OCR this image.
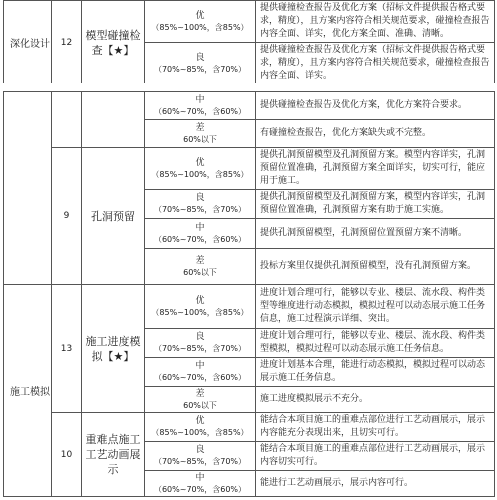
深化设计	12	模型碰撞检查【★】	优
（85%~100%，含85%）	提供碰撞检查报告及优化方案（招标文件提供报告格式要求，精度），且方案内容符合相关规范要求，碰撞检查报告内容全面、详实，优化方案全面、准确、清晰。

			良
（70%~85%，含70%）	提供碰撞检查报告及优化方案（招标文件提供报告格式要求，精度），且方案内容符合相关规范要求，碰撞检查报告内容全面、详实。

			中
（60%~70%，含60%）	提供碰撞检查报告及优化方案，优化方案符合要求。

			差
60%以下	有碰撞检查报告，优化方案缺失或不完整。
	9	孔洞预留	优
（85%~100%，含85%）	提供孔洞预留模型及孔洞预留方案。模型内容详实，孔洞预留位置准确，孔洞预留方案全面详实，切实可行，能应用于施工。

			良
（70%~85%，含70%）	提供孔洞预留模型及孔洞预留方案，模型内容详实，孔洞预留位置准确，孔洞预留方案有助于施工实施。

			中
（60%~70%，含60%）	提供孔洞预留模型，孔洞预留位置预留方案不清晰。

			差
60%以下	投标方案里仅提供孔洞预留模型，没有孔洞预留方案。
施工模拟	13	施工进度模拟【★】	优
（85%~100%，含85%）	进度计划合理可行，能够以专业、楼层、流水段、构件类型等维度进行动态模拟，模拟过程可以动态展示施工任务信息，施工过程演示详细、突出。

			良
（70%~85%，含70%）	进度计划合理可行，能够以专业、楼层、流水段、构件类型模拟，模拟过程可以动态展示施工任务信息。

			中
（60%~70%，含60%）	进度计划基本合理，能进行动态模拟，模拟过程可以动态展示施工任务信息。

			差
60%以下	施工进度模拟展示不充分。
	10	重难点施工工艺动画展示	优
（85%~100%，含85%）	能结合本项目施工的重难点部位进行工艺动画展示，展示内容能充分表现出来，且切实可行。

			良
（70%~85%，含70%）	能结合本项目施工的重难点部位进行工艺动画展示，展示内容切实可行。

			中
（60%~70%，含60%）	能进行工艺动画展示，展示内容可行。
